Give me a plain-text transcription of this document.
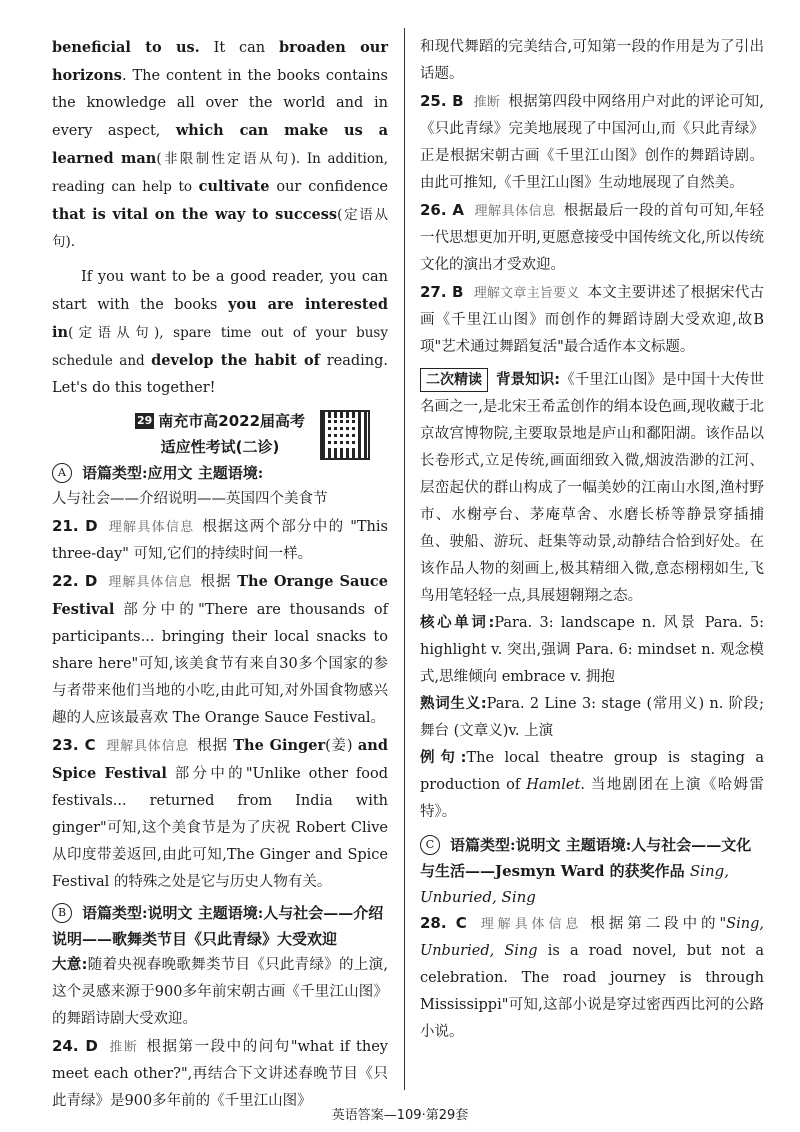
beneficial to us. It can broaden our horizons. The content in the books contains the knowledge all over the world and in every aspect, which can make us a learned man(非限制性定语从句). In addition, reading can help to cultivate our confidence that is vital on the way to success(定语从句).

If you want to be a good reader, you can start with the books you are interested in(定语从句), spare time out of your busy schedule and develop the habit of reading. Let's do this together!

29 南充市高2022届高考
适应性考试(二诊)

A 语篇类型:应用文 主题语境:

人与社会——介绍说明——英国四个美食节

21. D 理解具体信息 根据这两个部分中的 "This three-day" 可知,它们的持续时间一样。

22. D 理解具体信息 根据 The Orange Sauce Festival 部分中的"There are thousands of participants... bringing their local snacks to share here"可知,该美食节有来自30多个国家的参与者带来他们当地的小吃,由此可知,对外国食物感兴趣的人应该最喜欢 The Orange Sauce Festival。

23. C 理解具体信息 根据 The Ginger(姜) and Spice Festival 部分中的"Unlike other food festivals... returned from India with ginger"可知,这个美食节是为了庆祝 Robert Clive 从印度带姜返回,由此可知,The Ginger and Spice Festival 的特殊之处是它与历史人物有关。

B 语篇类型:说明文 主题语境:人与社会——介绍说明——歌舞类节目《只此青绿》大受欢迎

大意:随着央视春晚歌舞类节目《只此青绿》的上演,这个灵感来源于900多年前宋朝古画《千里江山图》的舞蹈诗剧大受欢迎。

24. D 推断 根据第一段中的问句"what if they meet each other?",再结合下文讲述春晚节目《只此青绿》是900多年前的《千里江山图》

和现代舞蹈的完美结合,可知第一段的作用是为了引出话题。

25. B 推断 根据第四段中网络用户对此的评论可知,《只此青绿》完美地展现了中国河山,而《只此青绿》正是根据宋朝古画《千里江山图》创作的舞蹈诗剧。由此可推知,《千里江山图》生动地展现了自然美。

26. A 理解具体信息 根据最后一段的首句可知,年轻一代思想更加开明,更愿意接受中国传统文化,所以传统文化的演出才受欢迎。

27. B 理解文章主旨要义 本文主要讲述了根据宋代古画《千里江山图》而创作的舞蹈诗剧大受欢迎,故B项"艺术通过舞蹈复活"最合适作本文标题。

二次精读 背景知识:《千里江山图》是中国十大传世名画之一,是北宋王希孟创作的绢本设色画,现收藏于北京故宫博物院,主要取景地是庐山和鄱阳湖。该作品以长卷形式,立足传统,画面细致入微,烟波浩渺的江河、层峦起伏的群山构成了一幅美妙的江南山水图,渔村野市、水榭亭台、茅庵草舍、水磨长桥等静景穿插捕鱼、驶船、游玩、赶集等动景,动静结合恰到好处。在该作品人物的刻画上,极其精细入微,意态栩栩如生,飞鸟用笔轻轻一点,具展翅翱翔之态。

核心单词:Para. 3: landscape n. 风景 Para. 5: highlight v. 突出,强调 Para. 6: mindset n. 观念模式,思维倾向 embrace v. 拥抱

熟词生义:Para. 2 Line 3: stage (常用义) n. 阶段;舞台 (文章义)v. 上演

例句:The local theatre group is staging a production of Hamlet. 当地剧团在上演《哈姆雷特》。

C 语篇类型:说明文 主题语境:人与社会——文化与生活——Jesmyn Ward 的获奖作品 Sing, Unburied, Sing

28. C 理解具体信息 根据第二段中的"Sing, Unburied, Sing is a road novel, but not a celebration. The road journey is through Mississippi"可知,这部小说是穿过密西西比河的公路小说。

英语答案—109·第29套
